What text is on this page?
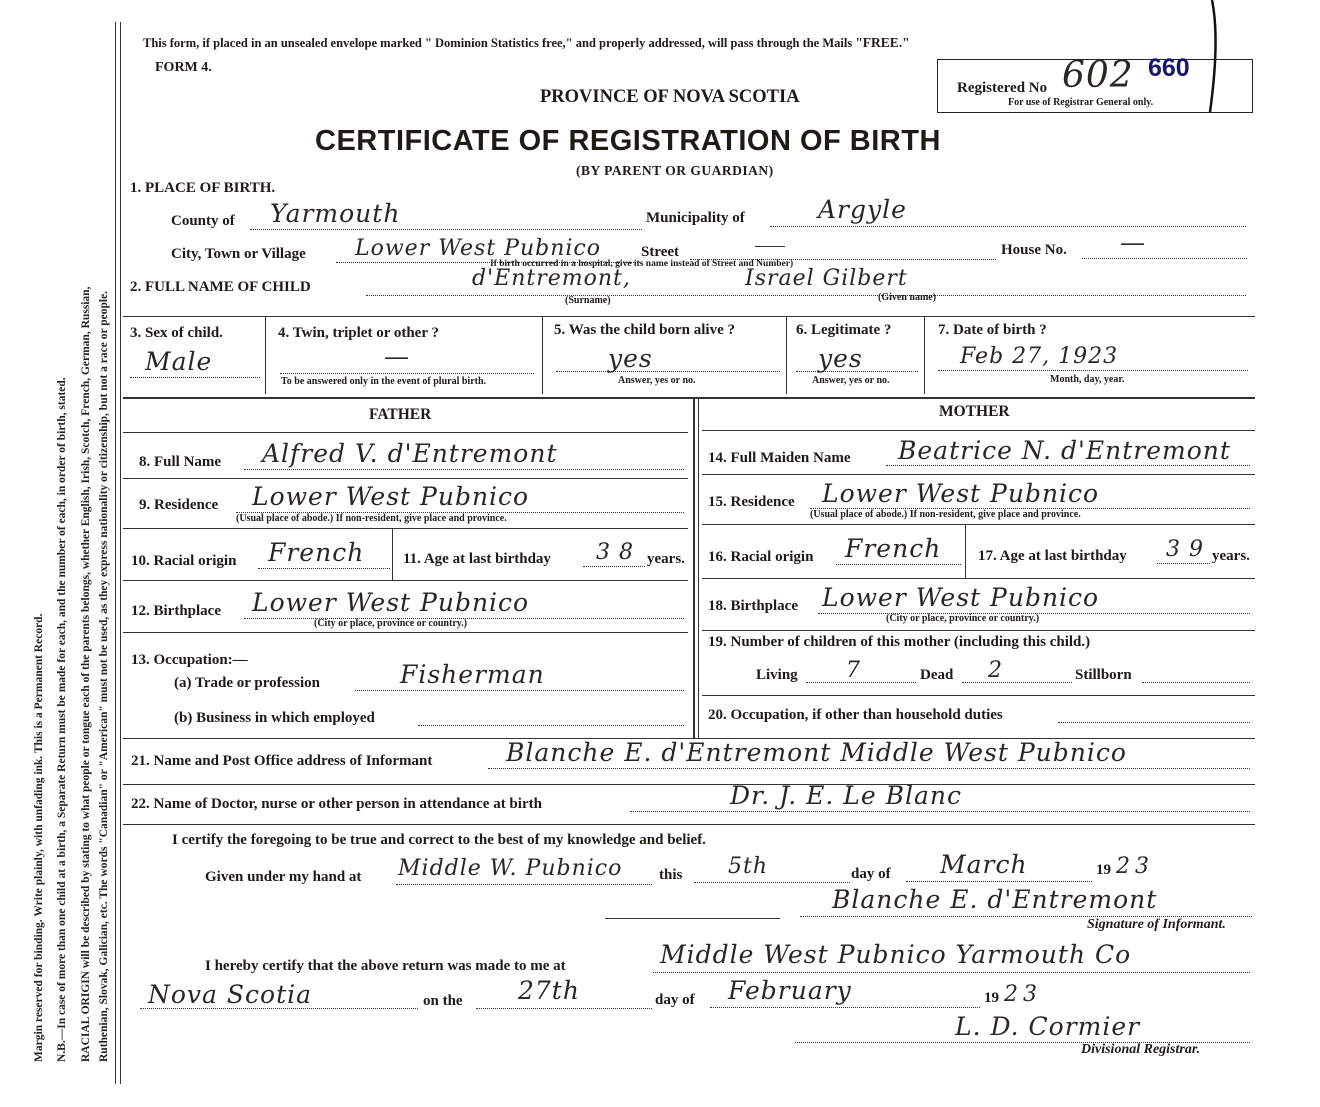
Margin reserved for binding. Write plainly, with unfading ink. This is a Permanent Record. N.B.—In case of more than one child at a birth, a Separate Return must be made for each, and the number of each, in order of birth, stated. RACIAL ORIGIN will be described by stating to what people or tongue each of the parents belongs, whether English, Irish, Scotch, French, German, Russian, Ruthenian, Slovak, Galician, etc. The words "Canadian" or "American" must not be used, as they express nationality or citizenship, but not a race or people.
This form, if placed in an unsealed envelope marked " Dominion Statistics free," and properly addressed, will pass through the Mails "FREE."
FORM 4.
PROVINCE OF NOVA SCOTIA	Registered No 602 660
For use of Registrar General only.
CERTIFICATE OF REGISTRATION OF BIRTH
(BY PARENT OR GUARDIAN)
1. PLACE OF BIRTH.
County of Yarmouth	Municipality of	Argyle
City, Town or Village Lower West Pubnico	Street
If birth occurred in a hospital, give its name instead of Street and Number)
House No. —
2. FULL NAME OF CHILD	d'Entremont,	Israel Gilbert
(Surname)	(Given name)
3. Sex of child.
Male
4. Twin, triplet or other ?
—
To be answered only in the event of plural birth.
5. Was the child born alive ?
yes
Answer, yes or no.
6. Legitimate ?
yes
Answer, yes or no.
7. Date of birth ?
Feb 27, 1923
Month, day, year.
FATHER	MOTHER
8. Full Name Alfred V. d'Entremont
9. Residence Lower West Pubnico
(Usual place of abode.) If non-resident, give place and province.
10. Racial origin French	11. Age at last birthday 38 years.
12. Birthplace Lower West Pubnico
(City or place, province or country.)
13. Occupation:—
(a) Trade or profession	Fisherman
(b) Business in which employed
14. Full Maiden Name Beatrice N. d'Entremont
15. Residence Lower West Pubnico
(Usual place of abode.) If non-resident, give place and province.
16. Racial origin French 17. Age at last birthday 39 years.
18. Birthplace Lower West Pubnico
(City or place, province or country.)
19. Number of children of this mother (including this child.)
Living 7	Dead 2	Stillborn
20. Occupation, if other than household duties
21. Name and Post Office address of Informant	Blanche E. d'Entremont Middle West Pubnico
22. Name of Doctor, nurse or other person in attendance at birth	Dr. J. E. Le Blanc
I certify the foregoing to be true and correct to the best of my knowledge and belief.
Given under my hand at Middle W. Pubnico this 5th	day of March	19 23
Blanche E. d'Entremont
Signature of Informant.
I hereby certify that the above return was made to me at	Middle West Pubnico Yarmouth Co
Nova Scotia	on the 27th	day of February	19 23
L. D. Cormier
Divisional Registrar.
